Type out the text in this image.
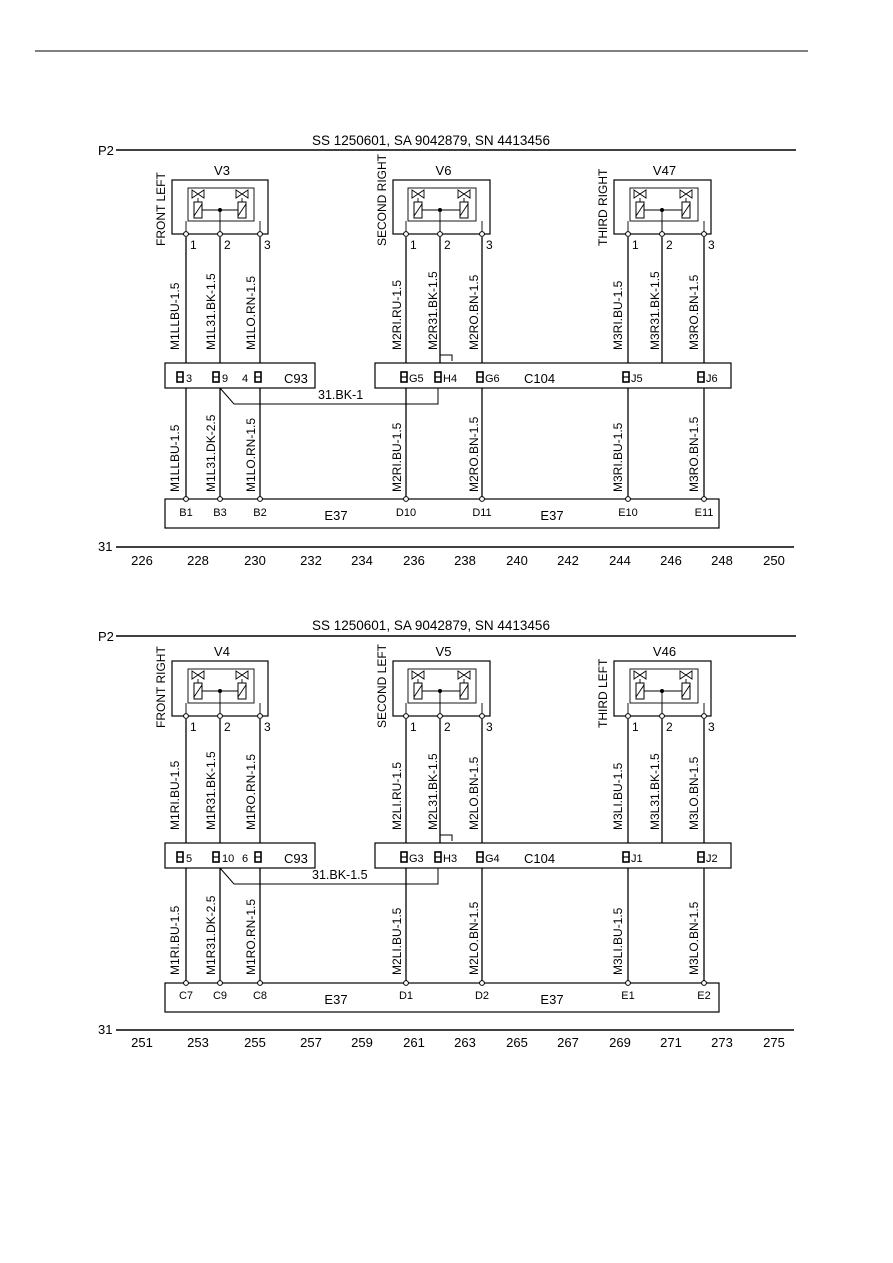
SS 1250601, SA 9042879, SN 4413456
P2
31
226	228	230	232 234 236 238 240 242 244 246 248 250
V3
FRONT LEFT 1 2	3
V6
SECOND RIGHT 1 2	3
V47
THIRD RIGHT 1 2	3
M1LLBU-1.5 M1L31.BK-1.5 M1LO.RN-1.5	M2RI.RU-1.5 M2R31.BK-1.5 M2RO.BN-1.5	M3RI.BU-1.5 M3R31.BK-1.5 M3RO.BN-1.5
C93
3	9 4	C104
G5 H4	G6	J5	J6
31.BK-1
M1LLBU-1.5 M1L31.DK-2.5 M1LO.RN-1.5	M2RI.BU-1.5	M2RO.BN-1.5	M3RI.BU-1.5	M3RO.BN-1.5
E37	E37
B1 B3 B2	D10	D11	E10	E11
SS 1250601, SA 9042879, SN 4413456
P2
31
251	253	255	257 259 261 263 265 267 269 271 273 275
V4
FRONT RIGHT 1 2	3
V5
SECOND LEFT 1 2	3
V46
THIRD LEFT 1 2	3
M1RI.BU-1.5 M1R31.BK-1.5 M1RO.RN-1.5	M2LI.RU-1.5 M2L31.BK-1.5 M2LO.BN-1.5	M3LI.BU-1.5 M3L31.BK-1.5 M3LO.BN-1.5
C93
5	10 6	C104
G3 H3	G4	J1	J2
31.BK-1.5
M1RI.BU-1.5 M1R31.DK-2.5 M1RO.RN-1.5	M2LI.BU-1.5	M2LO.BN-1.5	M3LI.BU-1.5	M3LO.BN-1.5
E37	E37
C7 C9 C8	D1	D2	E1	E2
